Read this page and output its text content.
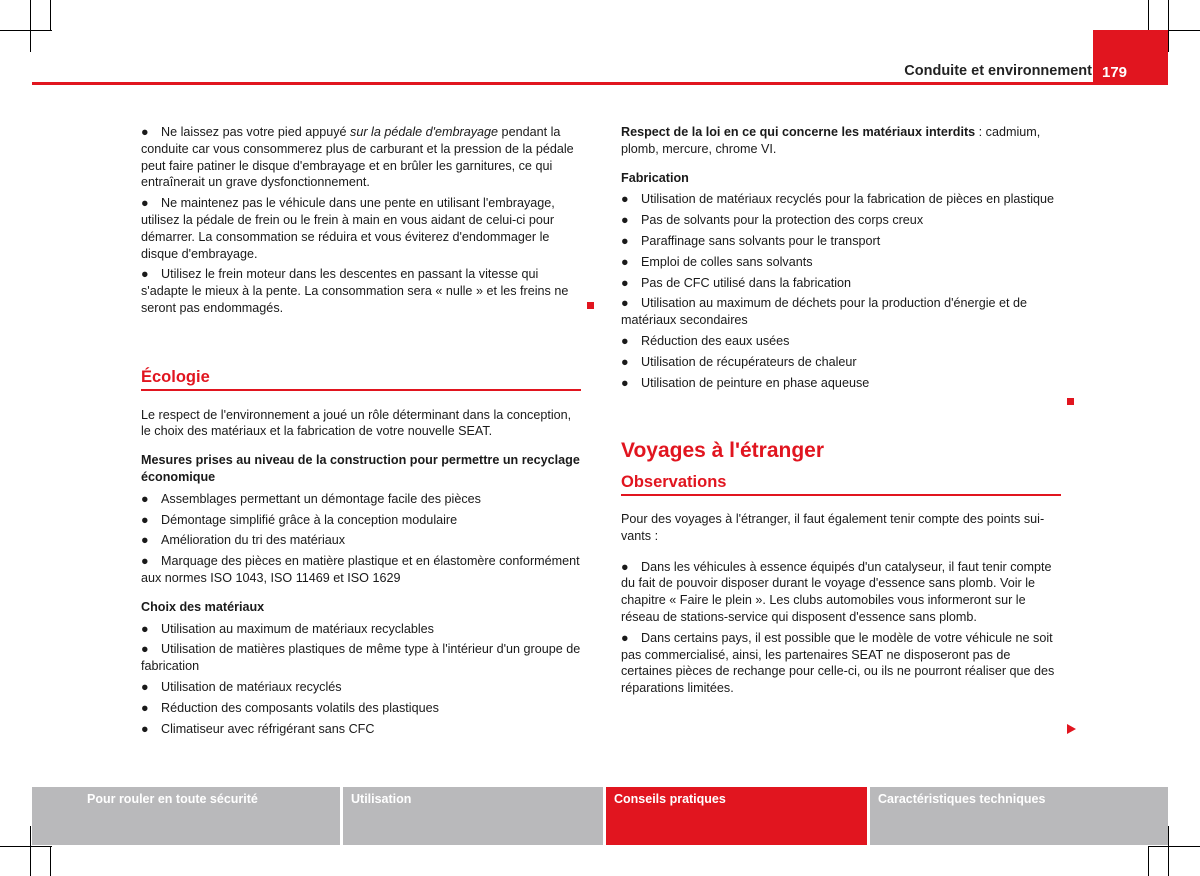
Conduite et environnement 179

● Ne laissez pas votre pied appuyé sur la pédale d'embrayage pendant la conduite car vous consommerez plus de carburant et la pression de la pédale peut faire patiner le disque d'embrayage et en brûler les garnitures, ce qui entraînerait un grave dysfonctionnement.

● Ne maintenez pas le véhicule dans une pente en utilisant l'embrayage, utilisez la pédale de frein ou le frein à main en vous aidant de celui-ci pour démarrer. La consommation se réduira et vous éviterez d'endommager le disque d'embrayage.

● Utilisez le frein moteur dans les descentes en passant la vitesse qui s'adapte le mieux à la pente. La consommation sera « nulle » et les freins ne seront pas endommagés.

Écologie

Le respect de l'environnement a joué un rôle déterminant dans la conception, le choix des matériaux et la fabrication de votre nouvelle SEAT.

Mesures prises au niveau de la construction pour permettre un recyclage économique

● Assemblages permettant un démontage facile des pièces

● Démontage simplifié grâce à la conception modulaire

● Amélioration du tri des matériaux

● Marquage des pièces en matière plastique et en élastomère conformément aux normes ISO 1043, ISO 11469 et ISO 1629

Choix des matériaux

● Utilisation au maximum de matériaux recyclables

● Utilisation de matières plastiques de même type à l'intérieur d'un groupe de fabrication

● Utilisation de matériaux recyclés

● Réduction des composants volatils des plastiques

● Climatiseur avec réfrigérant sans CFC

Respect de la loi en ce qui concerne les matériaux interdits : cadmium, plomb, mercure, chrome VI.

Fabrication

● Utilisation de matériaux recyclés pour la fabrication de pièces en plastique

● Pas de solvants pour la protection des corps creux

● Paraffinage sans solvants pour le transport

● Emploi de colles sans solvants

● Pas de CFC utilisé dans la fabrication

● Utilisation au maximum de déchets pour la production d'énergie et de matériaux secondaires

● Réduction des eaux usées

● Utilisation de récupérateurs de chaleur

● Utilisation de peinture en phase aqueuse

Voyages à l'étranger

Observations

Pour des voyages à l'étranger, il faut également tenir compte des points suivants :

● Dans les véhicules à essence équipés d'un catalyseur, il faut tenir compte du fait de pouvoir disposer durant le voyage d'essence sans plomb. Voir le chapitre « Faire le plein ». Les clubs automobiles vous informeront sur le réseau de stations-service qui disposent d'essence sans plomb.

● Dans certains pays, il est possible que le modèle de votre véhicule ne soit pas commercialisé, ainsi, les partenaires SEAT ne disposeront pas de certaines pièces de rechange pour celle-ci, ou ils ne pourront réaliser que des réparations limitées.

Pour rouler en toute sécurité	Utilisation	Conseils pratiques	Caractéristiques techniques
